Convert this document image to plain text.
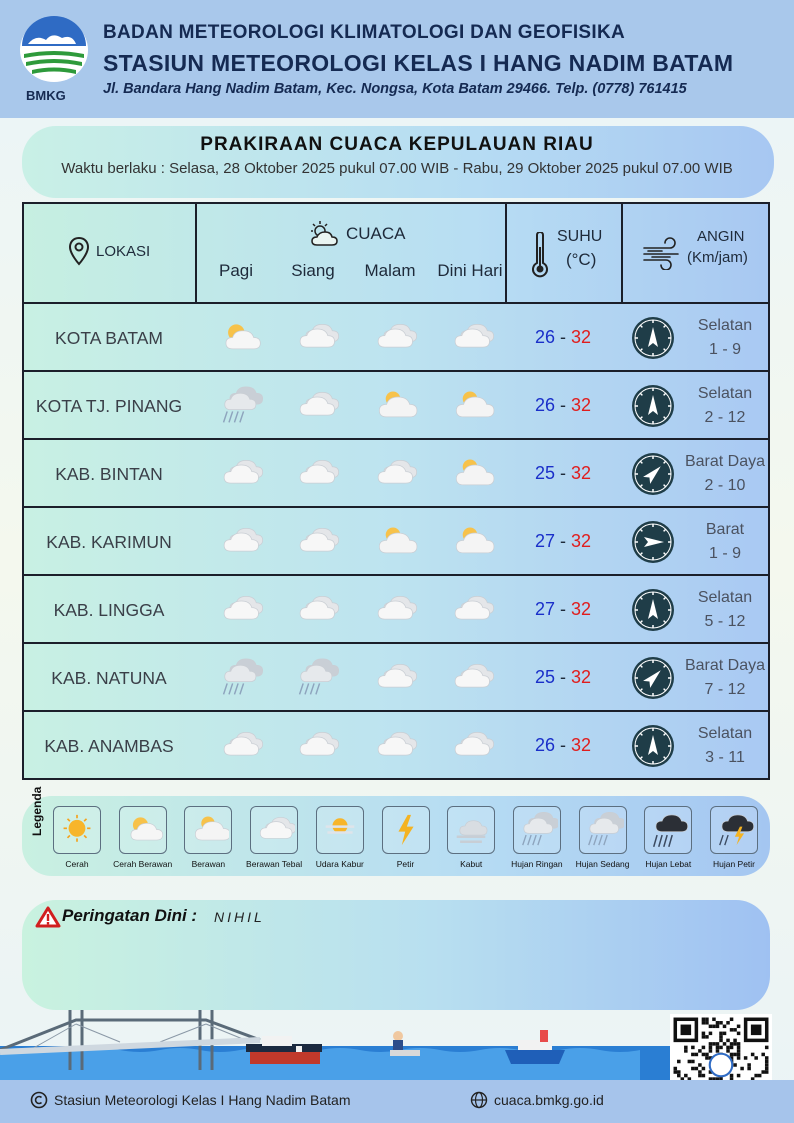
BMKG
BADAN METEOROLOGI KLIMATOLOGI DAN GEOFISIKA
STASIUN METEOROLOGI KELAS I HANG NADIM BATAM
Jl. Bandara Hang Nadim Batam, Kec. Nongsa, Kota Batam 29466. Telp. (0778) 761415
PRAKIRAAN CUACA KEPULAUAN RIAU
Waktu berlaku : Selasa, 28 Oktober 2025 pukul 07.00 WIB - Rabu, 29 Oktober 2025 pukul 07.00 WIB
LOKASI
CUACA
Pagi	Siang	Malam	Dini Hari
SUHU
(°C)
ANGIN
(Km/jam)
KOTA BATAM	26 - 32
Selatan
1 - 9
KOTA TJ. PINANG	26 - 32
Selatan
2 - 12
KAB. BINTAN	25 - 32
Barat Daya
2 - 10
KAB. KARIMUN	27 - 32
Barat
1 - 9
KAB. LINGGA	27 - 32
Selatan
5 - 12
KAB. NATUNA	25 - 32
Barat Daya
7 - 12
KAB. ANAMBAS	26 - 32
Selatan
3 - 11
Legenda
Cerah	Cerah Berawan	Berawan	Berawan Tebal	Udara Kabur	Petir	Kabut	Hujan Ringan	Hujan Sedang	Hujan Lebat	Hujan Petir
Peringatan Dini : NIHIL
Stasiun Meteorologi Kelas I Hang Nadim Batam	cuaca.bmkg.go.id
